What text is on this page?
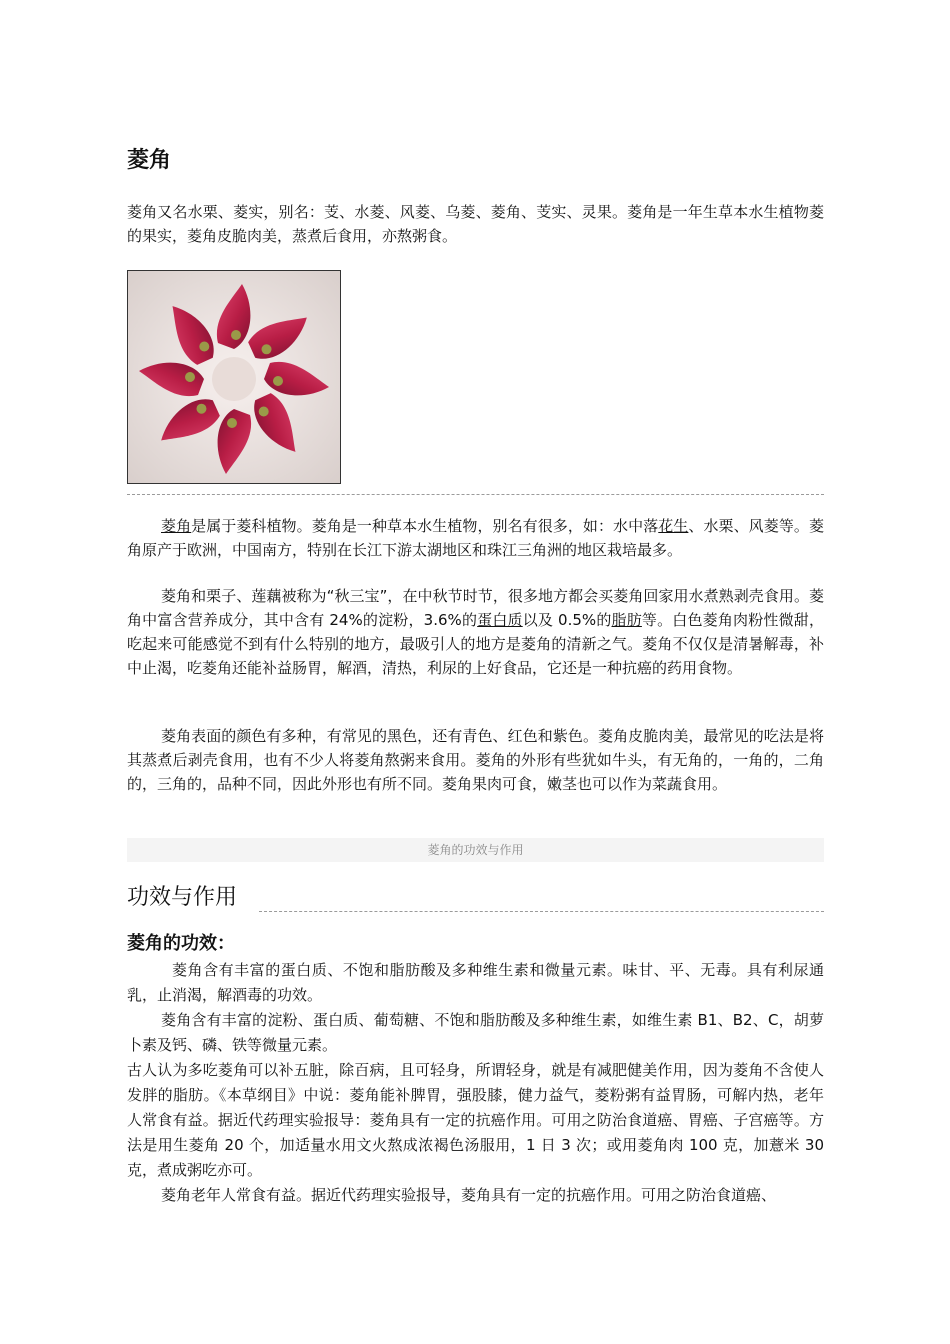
菱角

菱角又名水栗、菱实，别名：芰、水菱、风菱、乌菱、菱角、芰实、灵果。菱角是一年生草本水生植物菱的果实，菱角皮脆肉美，蒸煮后食用，亦熬粥食。

菱角是属于菱科植物。菱角是一种草本水生植物，别名有很多，如：水中落花生、水栗、风菱等。菱角原产于欧洲，中国南方，特别在长江下游太湖地区和珠江三角洲的地区栽培最多。

菱角和栗子、莲藕被称为“秋三宝”，在中秋节时节，很多地方都会买菱角回家用水煮熟剥壳食用。菱角中富含营养成分，其中含有 24%的淀粉，3.6%的蛋白质以及 0.5%的脂肪等。白色菱角肉粉性微甜，吃起来可能感觉不到有什么特别的地方，最吸引人的地方是菱角的清新之气。菱角不仅仅是清暑解毒，补中止渴，吃菱角还能补益肠胃，解酒，清热，利尿的上好食品，它还是一种抗癌的药用食物。

菱角表面的颜色有多种，有常见的黑色，还有青色、红色和紫色。菱角皮脆肉美，最常见的吃法是将其蒸煮后剥壳食用，也有不少人将菱角熬粥来食用。菱角的外形有些犹如牛头，有无角的，一角的，二角的，三角的，品种不同，因此外形也有所不同。菱角果肉可食，嫩茎也可以作为菜蔬食用。

菱角的功效与作用
功效与作用
菱角的功效：

菱角含有丰富的蛋白质、不饱和脂肪酸及多种维生素和微量元素。味甘、平、无毒。具有利尿通乳，止消渴，解酒毒的功效。

菱角含有丰富的淀粉、蛋白质、葡萄糖、不饱和脂肪酸及多种维生素，如维生素 B1、B2、C，胡萝卜素及钙、磷、铁等微量元素。

古人认为多吃菱角可以补五脏，除百病，且可轻身，所谓轻身，就是有减肥健美作用，因为菱角不含使人发胖的脂肪。《本草纲目》中说：菱角能补脾胃，强股膝，健力益气，菱粉粥有益胃肠，可解内热，老年人常食有益。据近代药理实验报导：菱角具有一定的抗癌作用。可用之防治食道癌、胃癌、子宫癌等。方法是用生菱角 20 个，加适量水用文火熬成浓褐色汤服用，1 日 3 次；或用菱角肉 100 克，加薏米 30 克，煮成粥吃亦可。

菱角老年人常食有益。据近代药理实验报导，菱角具有一定的抗癌作用。可用之防治食道癌、
